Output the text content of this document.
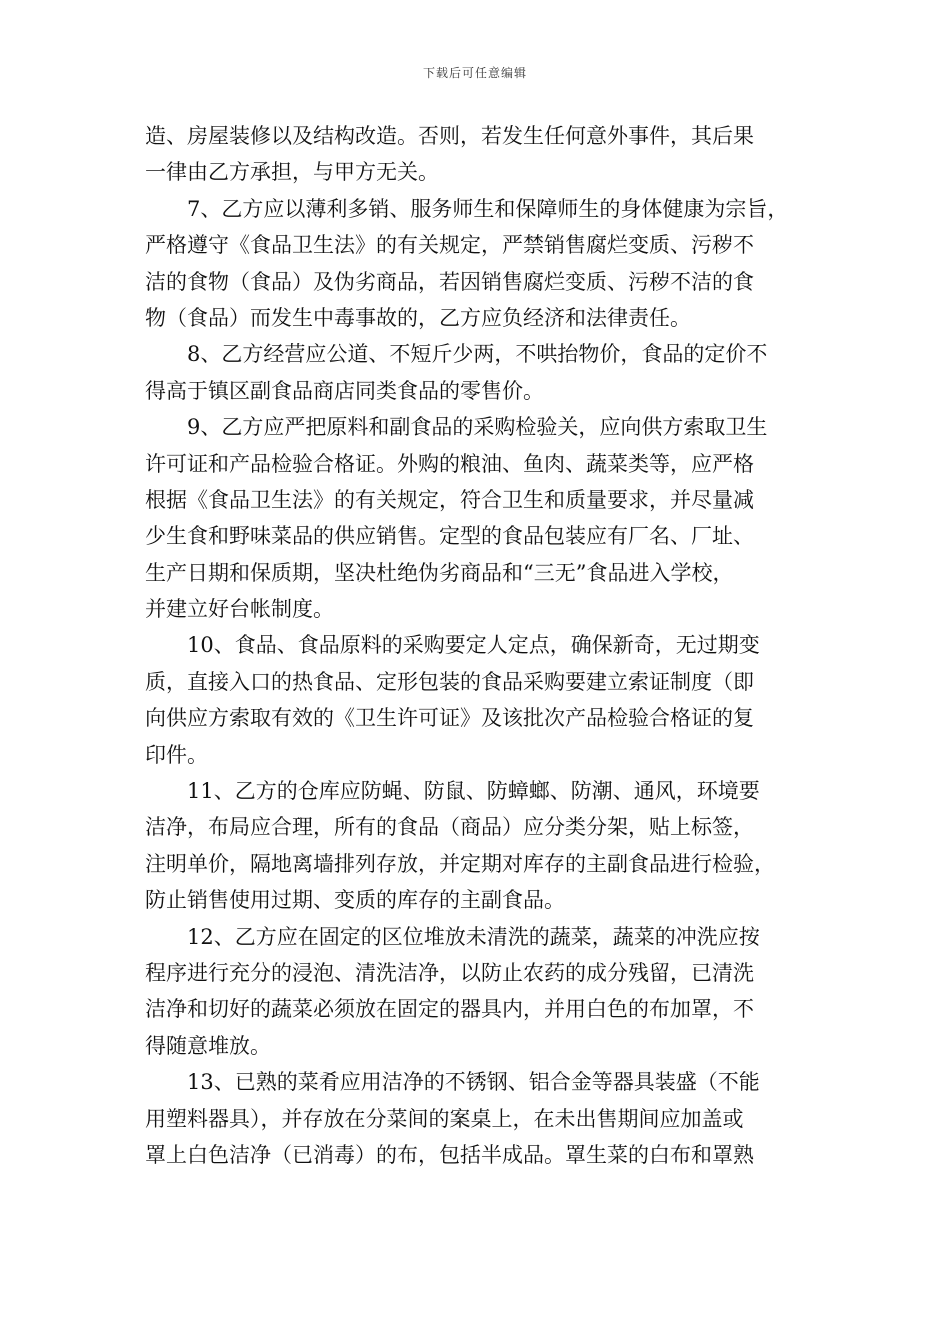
下载后可任意编辑
造、房屋装修以及结构改造。否则，若发生任何意外事件，其后果
一律由乙方承担，与甲方无关。
7、乙方应以薄利多销、服务师生和保障师生的身体健康为宗旨，
严格遵守《食品卫生法》的有关规定，严禁销售腐烂变质、污秽不
洁的食物（食品）及伪劣商品，若因销售腐烂变质、污秽不洁的食
物（食品）而发生中毒事故的，乙方应负经济和法律责任。
8、乙方经营应公道、不短斤少两，不哄抬物价，食品的定价不
得高于镇区副食品商店同类食品的零售价。
9、乙方应严把原料和副食品的采购检验关，应向供方索取卫生
许可证和产品检验合格证。外购的粮油、鱼肉、蔬菜类等，应严格
根据《食品卫生法》的有关规定，符合卫生和质量要求，并尽量减
少生食和野味菜品的供应销售。定型的食品包装应有厂名、厂址、
生产日期和保质期，坚决杜绝伪劣商品和“三无”食品进入学校，
并建立好台帐制度。
10、食品、食品原料的采购要定人定点，确保新奇，无过期变
质，直接入口的热食品、定形包装的食品采购要建立索证制度（即
向供应方索取有效的《卫生许可证》及该批次产品检验合格证的复
印件。
11、乙方的仓库应防蝇、防鼠、防蟑螂、防潮、通风，环境要
洁净，布局应合理，所有的食品（商品）应分类分架，贴上标签，
注明单价，隔地离墙排列存放，并定期对库存的主副食品进行检验，
防止销售使用过期、变质的库存的主副食品。
12、乙方应在固定的区位堆放未清洗的蔬菜，蔬菜的冲洗应按
程序进行充分的浸泡、清洗洁净，以防止农药的成分残留，已清洗
洁净和切好的蔬菜必须放在固定的器具内，并用白色的布加罩，不
得随意堆放。
13、已熟的菜肴应用洁净的不锈钢、铝合金等器具装盛（不能
用塑料器具），并存放在分菜间的案桌上，在未出售期间应加盖或
罩上白色洁净（已消毒）的布，包括半成品。罩生菜的白布和罩熟
